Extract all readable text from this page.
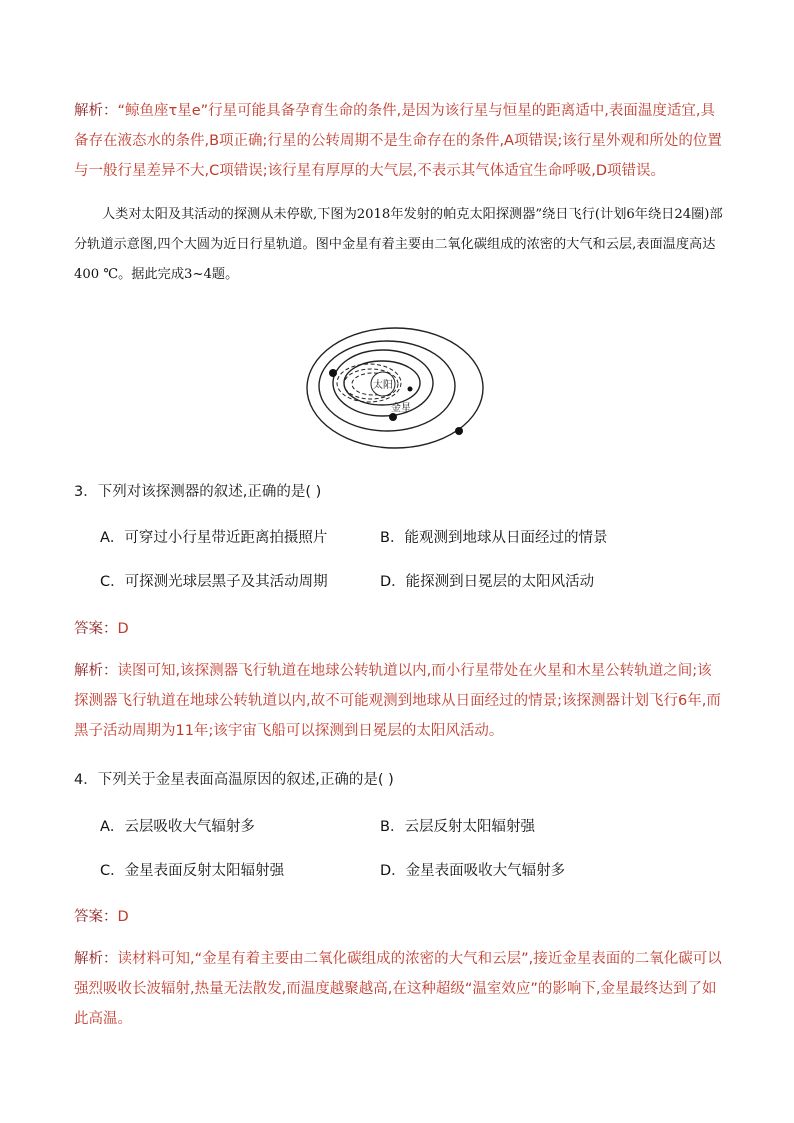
解析：“鲸鱼座τ星e”行星可能具备孕育生命的条件,是因为该行星与恒星的距离适中,表面温度适宜,具备存在液态水的条件,B项正确;行星的公转周期不是生命存在的条件,A项错误;该行星外观和所处的位置与一般行星差异不大,C项错误;该行星有厚厚的大气层,不表示其气体适宜生命呼吸,D项错误。

人类对太阳及其活动的探测从未停歇,下图为2018年发射的帕克太阳探测器”绕日飞行(计划6年绕日24圈)部分轨道示意图,四个大圆为近日行星轨道。图中金星有着主要由二氧化碳组成的浓密的大气和云层,表面温度高达400 ℃。据此完成3~4题。

太阳
金星
3．下列对该探测器的叙述,正确的是( )
A．可穿过小行星带近距离拍摄照片	B．能观测到地球从日面经过的情景
C．可探测光球层黑子及其活动周期	D．能探测到日冕层的太阳风活动
答案：D

解析：读图可知,该探测器飞行轨道在地球公转轨道以内,而小行星带处在火星和木星公转轨道之间;该探测器飞行轨道在地球公转轨道以内,故不可能观测到地球从日面经过的情景;该探测器计划飞行6年,而黑子活动周期为11年;该宇宙飞船可以探测到日冕层的太阳风活动。

4．下列关于金星表面高温原因的叙述,正确的是( )
A．云层吸收大气辐射多	B．云层反射太阳辐射强
C．金星表面反射太阳辐射强	D．金星表面吸收大气辐射多
答案：D

解析：读材料可知,“金星有着主要由二氧化碳组成的浓密的大气和云层”,接近金星表面的二氧化碳可以强烈吸收长波辐射,热量无法散发,而温度越聚越高,在这种超级“温室效应”的影响下,金星最终达到了如此高温。
